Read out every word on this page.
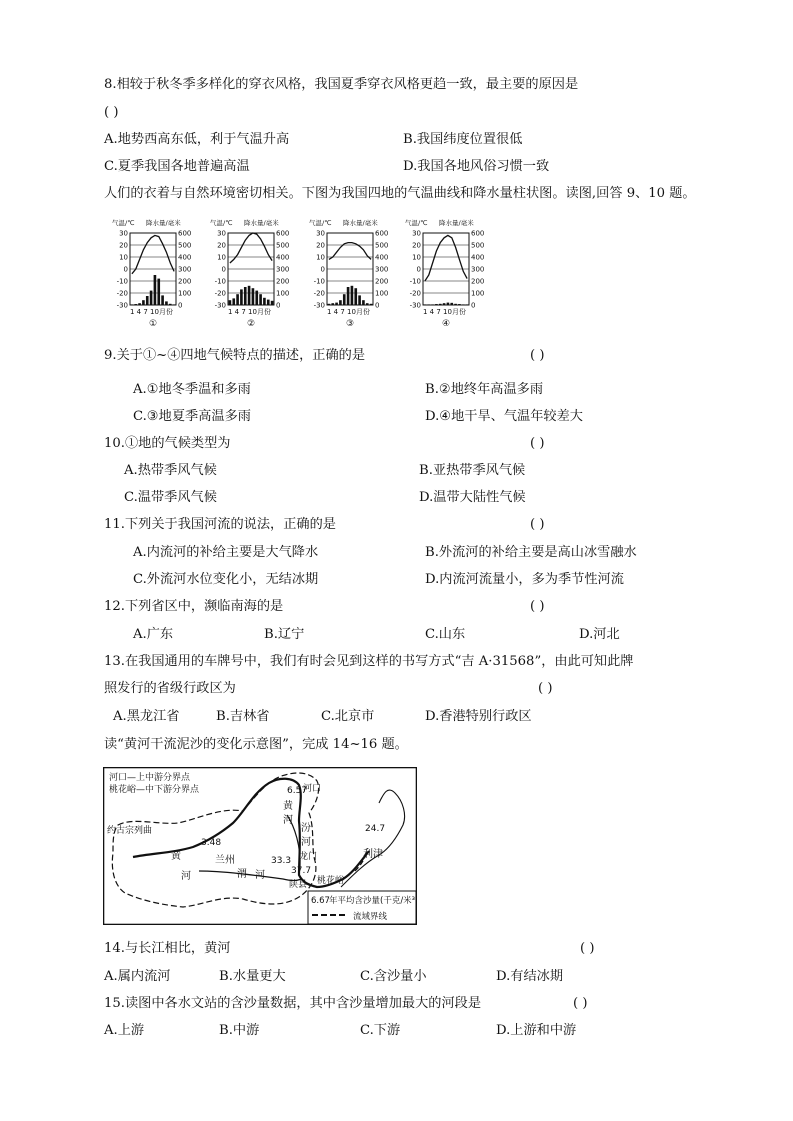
8.相较于秋冬季多样化的穿衣风格，我国夏季穿衣风格更趋一致，最主要的原因是
( )
A.地势西高东低，利于气温升高	B.我国纬度位置很低
C.夏季我国各地普遍高温	D.我国各地风俗习惯一致
人们的衣着与自然环境密切相关。下图为我国四地的气温曲线和降水量柱状图。读图,回答 9、10 题。
气温/℃ 降水量/毫米
30
20
10
0
-10
-20
-30
600
500
400
300
200
100
0
1 4 7 10月份
①
气温/℃ 降水量/毫米
30
20
10
0
-10
-20
-30
600
500
400
300
200
100
0
1 4 7 10月份
②
气温/℃ 降水量/毫米
30
20
10
0
-10
-20
-30
600
500
400
300
200
100
0
1 4 7 10月份
③
气温/℃ 降水量/毫米
30
20
10
0
-10
-20
-30
600
500
400
300
200
100
0
1 4 7 10月份
④
9.关于①~④四地气候特点的描述，正确的是	( )
A.①地冬季温和多雨	B.②地终年高温多雨
C.③地夏季高温多雨	D.④地干旱、气温年较差大
10.①地的气候类型为	( )
A.热带季风气候	B.亚热带季风气候
C.温带季风气候	D.温带大陆性气候
11.下列关于我国河流的说法，正确的是	( )
A.内流河的补给主要是大气降水	B.外流河的补给主要是高山冰雪融水
C.外流河水位变化小，无结冰期	D.内流河流量小，多为季节性河流
12.下列省区中，濒临南海的是	( )
A.广东	B.辽宁	C.山东	D.河北
13.在我国通用的车牌号中，我们有时会见到这样的书写方式“吉 A·31568”，由此可知此牌
照发行的省级行政区为	( )
A.黑龙江省	B.吉林省	C.北京市	D.香港特别行政区
读“黄河干流泥沙的变化示意图”，完成 14~16 题。
河口—上中游分界点
桃花峪—中下游分界点
约古宗列曲
黄
河
3.48
兰州
渭 河
6.57
河口
黄
河
汾
河
33.3 龙门
37.7
陕县 桃花峪
24.7
利津
6.67 年平均含沙量(千克/米³)
流域界线
14.与长江相比，黄河	( )
A.属内流河	B.水量更大	C.含沙量小	D.有结冰期
15.读图中各水文站的含沙量数据，其中含沙量增加最大的河段是	( )
A.上游	B.中游	C.下游	D.上游和中游
